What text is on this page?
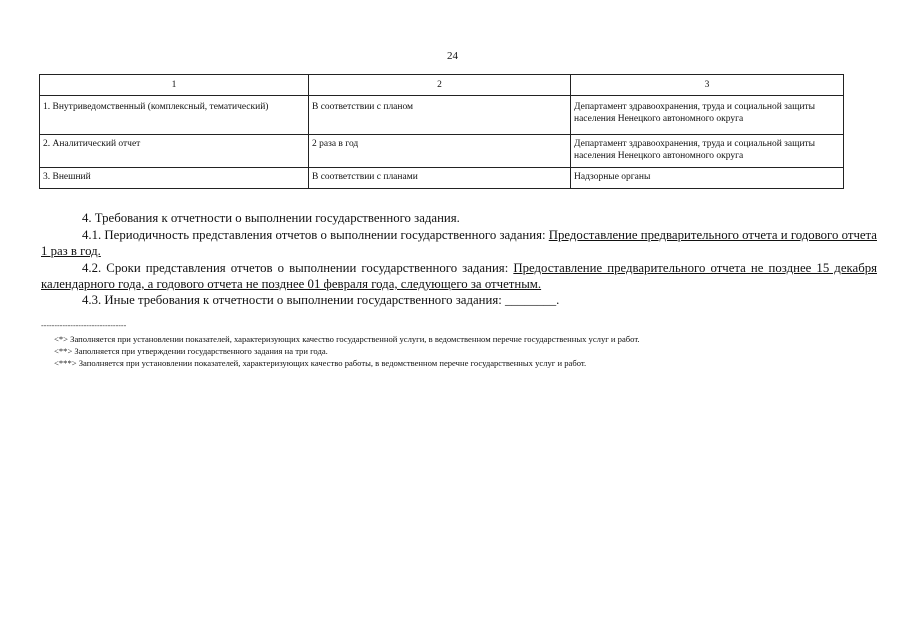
24
1	2	3
1. Внутриведомственный (комплексный, тематический)	В соответствии с планом	Департамент здравоохранения, труда и социальной защиты населения Ненецкого автономного округа
2. Аналитический отчет	2 раза в год	Департамент здравоохранения, труда и социальной защиты населения Ненецкого автономного округа
3. Внешний	В соответствии с планами	Надзорные органы

4. Требования к отчетности о выполнении государственного задания.

4.1. Периодичность представления отчетов о выполнении государственного задания: Предоставление предварительного отчета и годового отчета 1 раз в год.

4.2. Сроки представления отчетов о выполнении государственного задания: Предоставление предварительного отчета не позднее 15 декабря календарного года, а годового отчета не позднее 01 февраля года, следующего за отчетным.

4.3. Иные требования к отчетности о выполнении государственного задания: ________.

--------------------------------

<*> Заполняется при установлении показателей, характеризующих качество государственной услуги, в ведомственном перечне государственных услуг и работ.

<**> Заполняется при утверждении государственного задания на три года.

<***> Заполняется при установлении показателей, характеризующих качество работы, в ведомственном перечне государственных услуг и работ.
